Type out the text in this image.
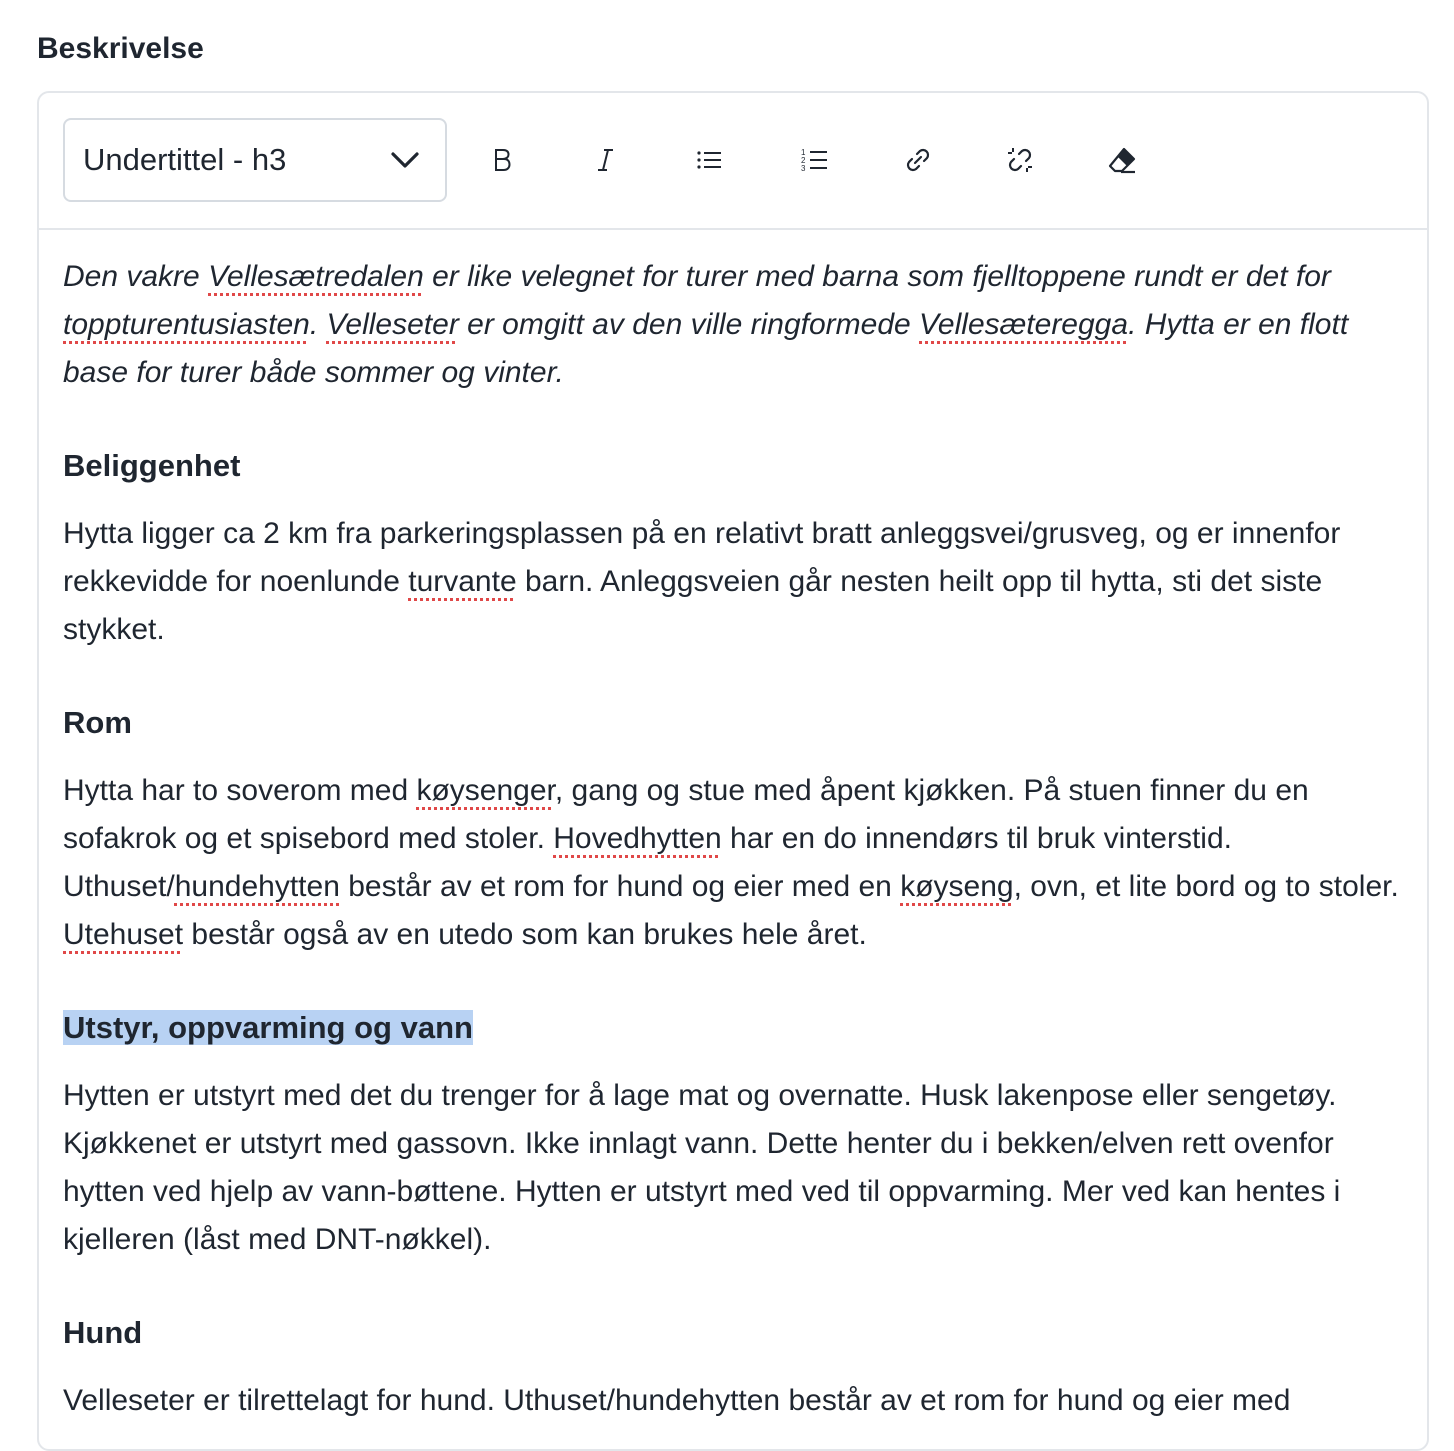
Beskrivelse
Undertittel - h3	1
2
3

Den vakre Vellesætredalen er like velegnet for turer med barna som fjelltoppene rundt er det for toppturentusiasten. Velleseter er omgitt av den ville ringformede Vellesæteregga. Hytta er en flott base for turer både sommer og vinter.

Beliggenhet

Hytta ligger ca 2 km fra parkeringsplassen på en relativt bratt anleggsvei/grusveg, og er innenfor rekkevidde for noenlunde turvante barn. Anleggsveien går nesten heilt opp til hytta, sti det siste stykket.

Rom

Hytta har to soverom med køysenger, gang og stue med åpent kjøkken. På stuen finner du en sofakrok og et spisebord med stoler. Hovedhytten har en do innendørs til bruk vinterstid. Uthuset/hundehytten består av et rom for hund og eier med en køyseng, ovn, et lite bord og to stoler. Utehuset består også av en utedo som kan brukes hele året.

Utstyr, oppvarming og vann

Hytten er utstyrt med det du trenger for å lage mat og overnatte. Husk lakenpose eller sengetøy. Kjøkkenet er utstyrt med gassovn. Ikke innlagt vann. Dette henter du i bekken/elven rett ovenfor hytten ved hjelp av vann-bøttene. Hytten er utstyrt med ved til oppvarming. Mer ved kan hentes i kjelleren (låst med DNT-nøkkel).

Hund

Velleseter er tilrettelagt for hund. Uthuset/hundehytten består av et rom for hund og eier med
